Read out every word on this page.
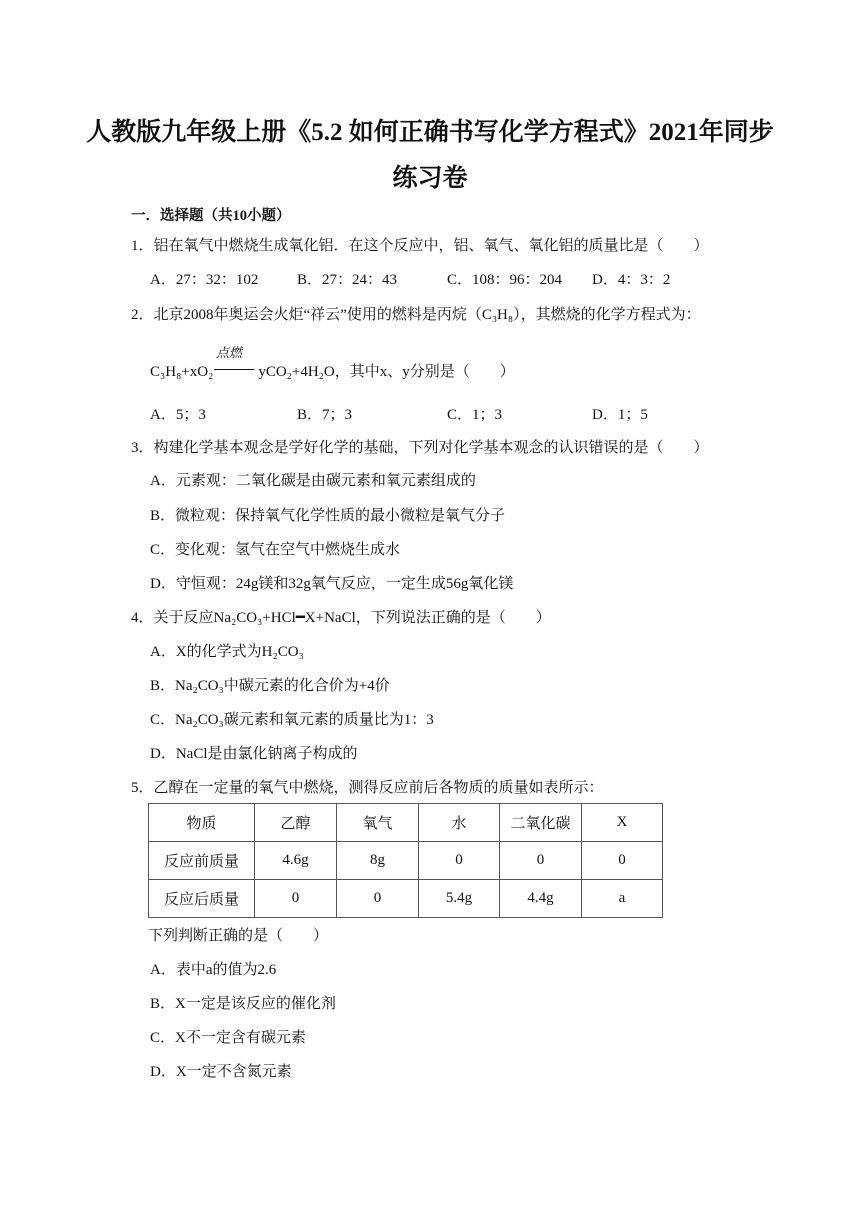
人教版九年级上册《5.2 如何正确书写化学方程式》2021年同步
练习卷
一．选择题（共10小题）
1．铝在氧气中燃烧生成氧化铝．在这个反应中，铝、氧气、氧化铝的质量比是（　　）
A．27：32：102	B．27：24：43	C．108：96：204 D．4：3：2
2．北京2008年奥运会火炬“祥云”使用的燃料是丙烷（C₃H₈），其燃烧的化学方程式为：
点燃
C₃H₈+xO₂　　　yCO₂+4H₂O，其中x、y分别是（　　）
A．5；3	B．7；3	C．1；3	D．1；5
3．构建化学基本观念是学好化学的基础，下列对化学基本观念的认识错误的是（　　）
A．元素观：二氧化碳是由碳元素和氧元素组成的
B．微粒观：保持氧气化学性质的最小微粒是氧气分子
C．变化观：氢气在空气中燃烧生成水
D．守恒观：24g镁和32g氧气反应，一定生成56g氧化镁
4．关于反应Na₂CO₃+HCl━X+NaCl，下列说法正确的是（　　）
A．X的化学式为H₂CO₃
B．Na₂CO₃中碳元素的化合价为+4价
C．Na₂CO₃碳元素和氧元素的质量比为1：3
D．NaCl是由氯化钠离子构成的
5．乙醇在一定量的氧气中燃烧，测得反应前后各物质的质量如表所示：
物质	乙醇	氧气	水	二氧化碳	X
反应前质量	4.6g	8g	0	0	0
反应后质量	0	0	5.4g	4.4g	a
下列判断正确的是（　　）
A．表中a的值为2.6
B．X一定是该反应的催化剂
C．X不一定含有碳元素
D．X一定不含氮元素
